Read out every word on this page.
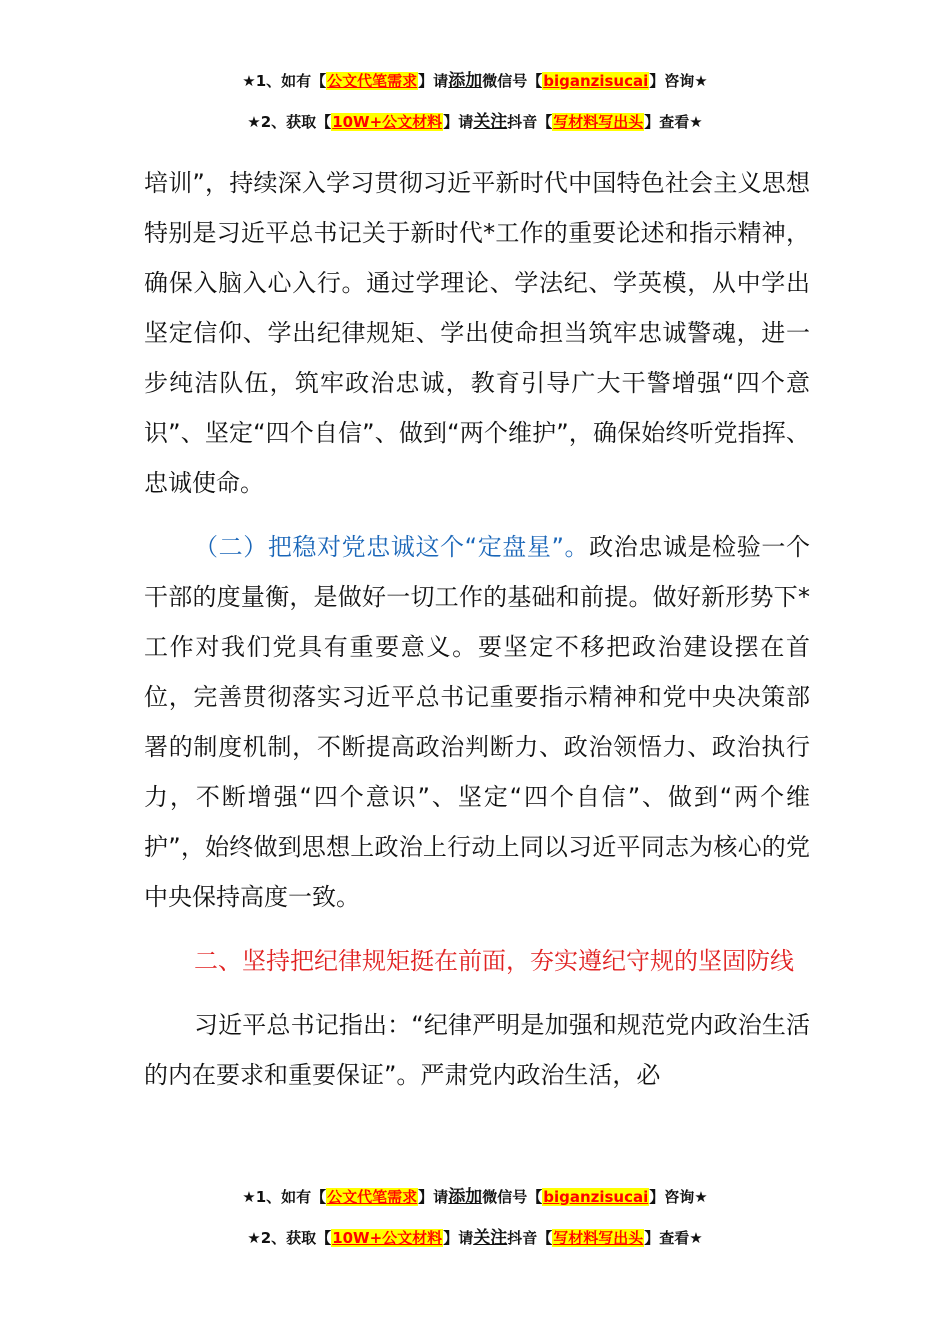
★1、如有【公文代笔需求】请添加微信号【biganzisucai】咨询★
★2、获取【10W+公文材料】请关注抖音【写材料写出头】查看★

培训”，持续深入学习贯彻习近平新时代中国特色社会主义思想特别是习近平总书记关于新时代*工作的重要论述和指示精神，确保入脑入心入行。通过学理论、学法纪、学英模，从中学出坚定信仰、学出纪律规矩、学出使命担当筑牢忠诚警魂，进一步纯洁队伍，筑牢政治忠诚，教育引导广大干警增强“四个意识”、坚定“四个自信”、做到“两个维护”，确保始终听党指挥、忠诚使命。

（二）把稳对党忠诚这个“定盘星”。政治忠诚是检验一个干部的度量衡，是做好一切工作的基础和前提。做好新形势下*工作对我们党具有重要意义。要坚定不移把政治建设摆在首位，完善贯彻落实习近平总书记重要指示精神和党中央决策部署的制度机制，不断提高政治判断力、政治领悟力、政治执行力，不断增强“四个意识”、坚定“四个自信”、做到“两个维护”，始终做到思想上政治上行动上同以习近平同志为核心的党中央保持高度一致。

二、坚持把纪律规矩挺在前面，夯实遵纪守规的坚固防线

习近平总书记指出：“纪律严明是加强和规范党内政治生活的内在要求和重要保证”。严肃党内政治生活，必

★1、如有【公文代笔需求】请添加微信号【biganzisucai】咨询★
★2、获取【10W+公文材料】请关注抖音【写材料写出头】查看★
